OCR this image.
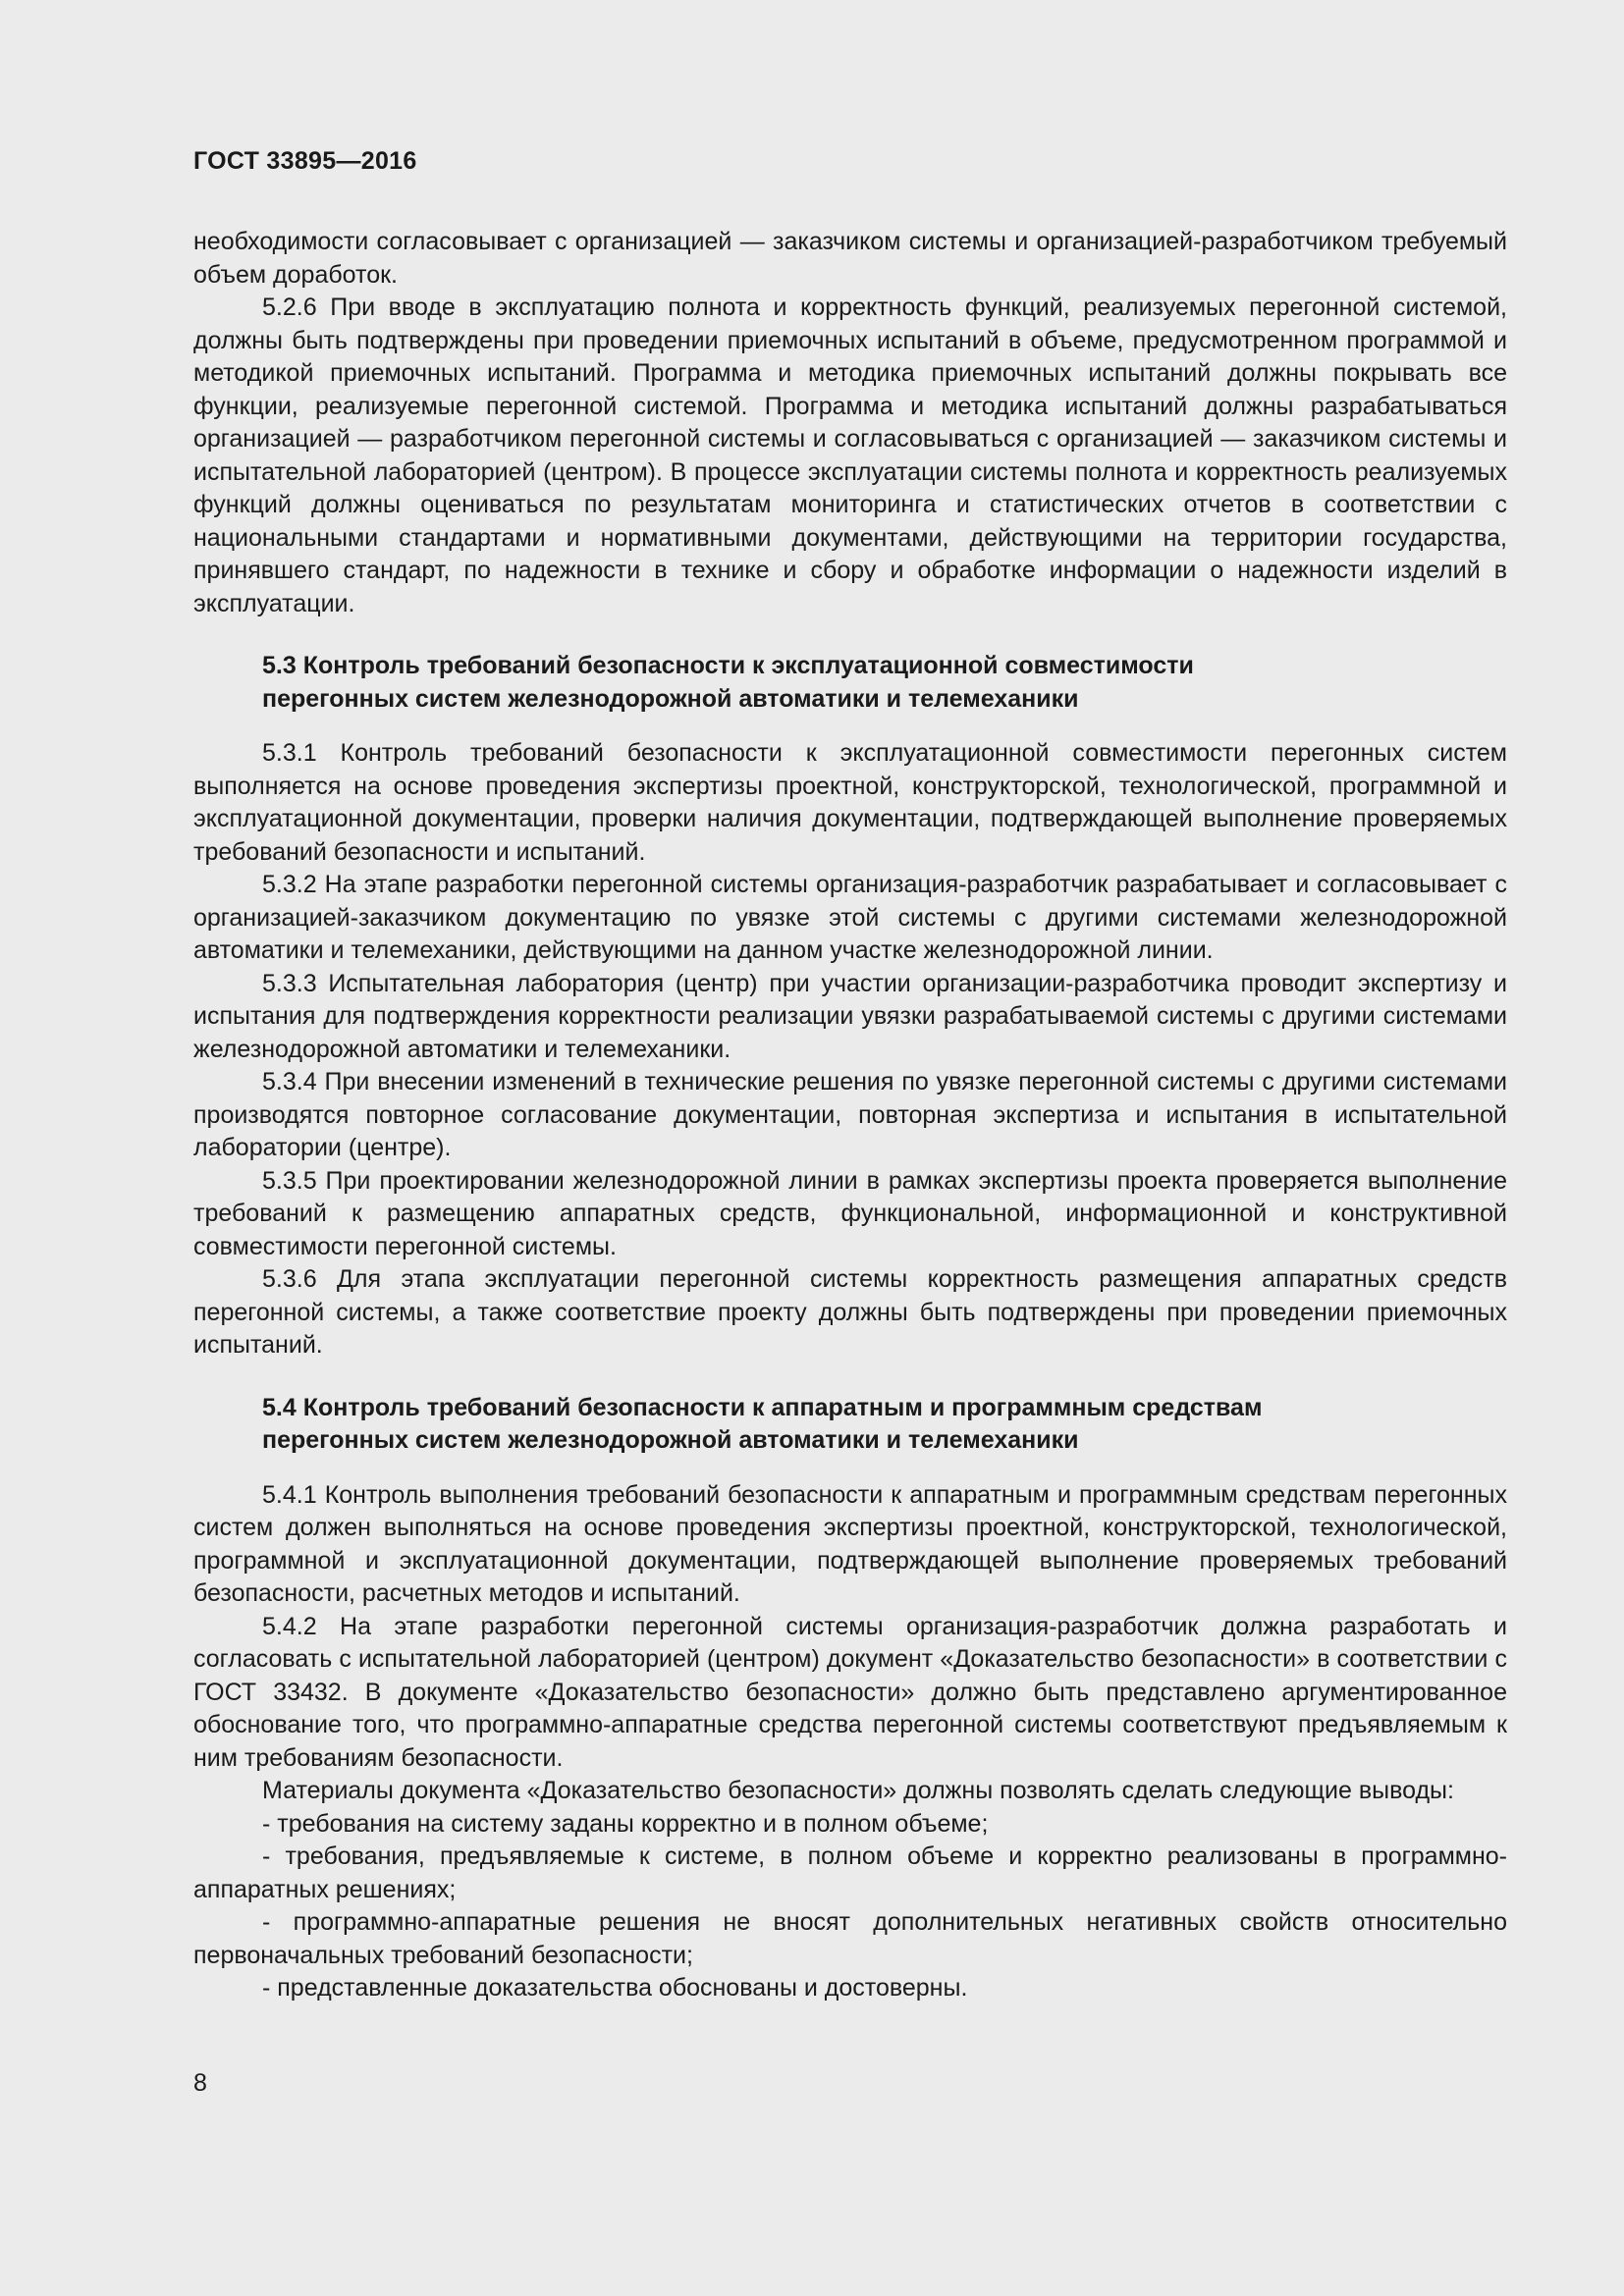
ГОСТ 33895—2016

необходимости согласовывает с организацией — заказчиком системы и организацией-разработчиком требуемый объем доработок.

5.2.6 При вводе в эксплуатацию полнота и корректность функций, реализуемых перегонной системой, должны быть подтверждены при проведении приемочных испытаний в объеме, предусмотренном программой и методикой приемочных испытаний. Программа и методика приемочных испытаний должны покрывать все функции, реализуемые перегонной системой. Программа и методика испытаний должны разрабатываться организацией — разработчиком перегонной системы и согласовываться с организацией — заказчиком системы и испытательной лабораторией (центром). В процессе эксплуатации системы полнота и корректность реализуемых функций должны оцениваться по результатам мониторинга и статистических отчетов в соответствии с национальными стандартами и нормативными документами, действующими на территории государства, принявшего стандарт, по надежности в технике и сбору и обработке информации о надежности изделий в эксплуатации.

5.3 Контроль требований безопасности к эксплуатационной совместимости
перегонных систем железнодорожной автоматики и телемеханики

5.3.1 Контроль требований безопасности к эксплуатационной совместимости перегонных систем выполняется на основе проведения экспертизы проектной, конструкторской, технологической, программной и эксплуатационной документации, проверки наличия документации, подтверждающей выполнение проверяемых требований безопасности и испытаний.

5.3.2 На этапе разработки перегонной системы организация-разработчик разрабатывает и согласовывает с организацией-заказчиком документацию по увязке этой системы с другими системами железнодорожной автоматики и телемеханики, действующими на данном участке железнодорожной линии.

5.3.3 Испытательная лаборатория (центр) при участии организации-разработчика проводит экспертизу и испытания для подтверждения корректности реализации увязки разрабатываемой системы с другими системами железнодорожной автоматики и телемеханики.

5.3.4 При внесении изменений в технические решения по увязке перегонной системы с другими системами производятся повторное согласование документации, повторная экспертиза и испытания в испытательной лаборатории (центре).

5.3.5 При проектировании железнодорожной линии в рамках экспертизы проекта проверяется выполнение требований к размещению аппаратных средств, функциональной, информационной и конструктивной совместимости перегонной системы.

5.3.6 Для этапа эксплуатации перегонной системы корректность размещения аппаратных средств перегонной системы, а также соответствие проекту должны быть подтверждены при проведении приемочных испытаний.

5.4 Контроль требований безопасности к аппаратным и программным средствам
перегонных систем железнодорожной автоматики и телемеханики

5.4.1 Контроль выполнения требований безопасности к аппаратным и программным средствам перегонных систем должен выполняться на основе проведения экспертизы проектной, конструкторской, технологической, программной и эксплуатационной документации, подтверждающей выполнение проверяемых требований безопасности, расчетных методов и испытаний.

5.4.2 На этапе разработки перегонной системы организация-разработчик должна разработать и согласовать с испытательной лабораторией (центром) документ «Доказательство безопасности» в соответствии с ГОСТ 33432. В документе «Доказательство безопасности» должно быть представлено аргументированное обоснование того, что программно-аппаратные средства перегонной системы соответствуют предъявляемым к ним требованиям безопасности.

Материалы документа «Доказательство безопасности» должны позволять сделать следующие выводы:

- требования на систему заданы корректно и в полном объеме;

- требования, предъявляемые к системе, в полном объеме и корректно реализованы в программно-аппаратных решениях;

- программно-аппаратные решения не вносят дополнительных негативных свойств относительно первоначальных требований безопасности;

- представленные доказательства обоснованы и достоверны.

8
